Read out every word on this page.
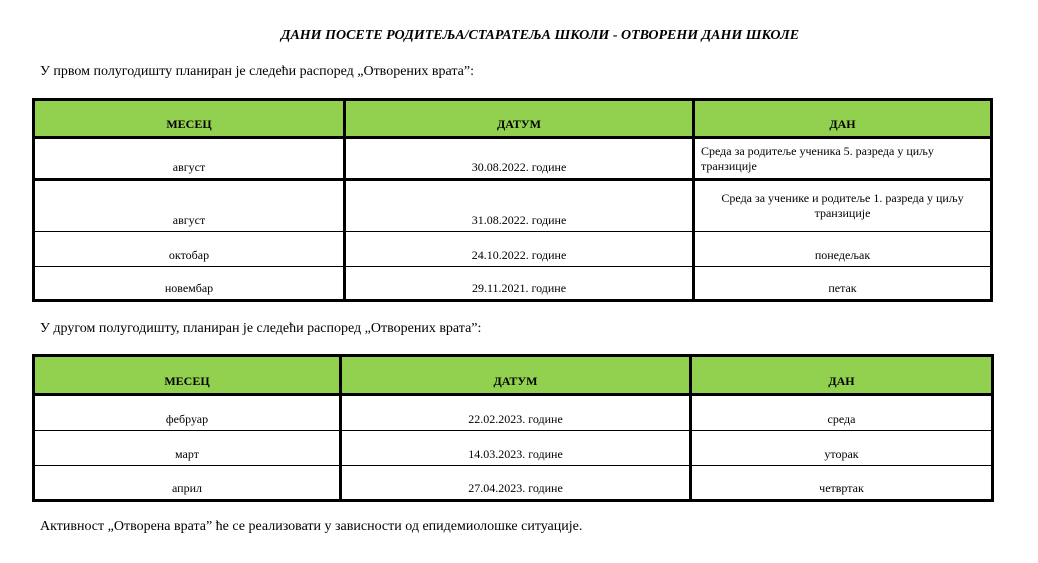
ДАНИ ПОСЕТЕ РОДИТЕЉА/СТАРАТЕЉА ШКОЛИ - ОТВОРЕНИ ДАНИ ШКОЛЕ
У првом полугодишту планиран је следећи распоред „Отворених врата”:
МЕСЕЦ	ДАТУМ	ДАН
август	30.08.2022. године	Среда за родитеље ученика 5. разреда у циљу транзиције
август	31.08.2022. године	Среда за ученике и родитеље 1. разреда у циљу транзиције
октобар	24.10.2022. године	понедељак
новембар	29.11.2021. године	петак
У другом полугодишту, планиран је следећи распоред „Отворених врата”:
МЕСЕЦ	ДАТУМ	ДАН
фебруар	22.02.2023. године	среда
март	14.03.2023. године	уторак
април	27.04.2023. године	четвртак
Активност „Отворена врата” ће се реализовати у зависности од епидемиолошке ситуације.
